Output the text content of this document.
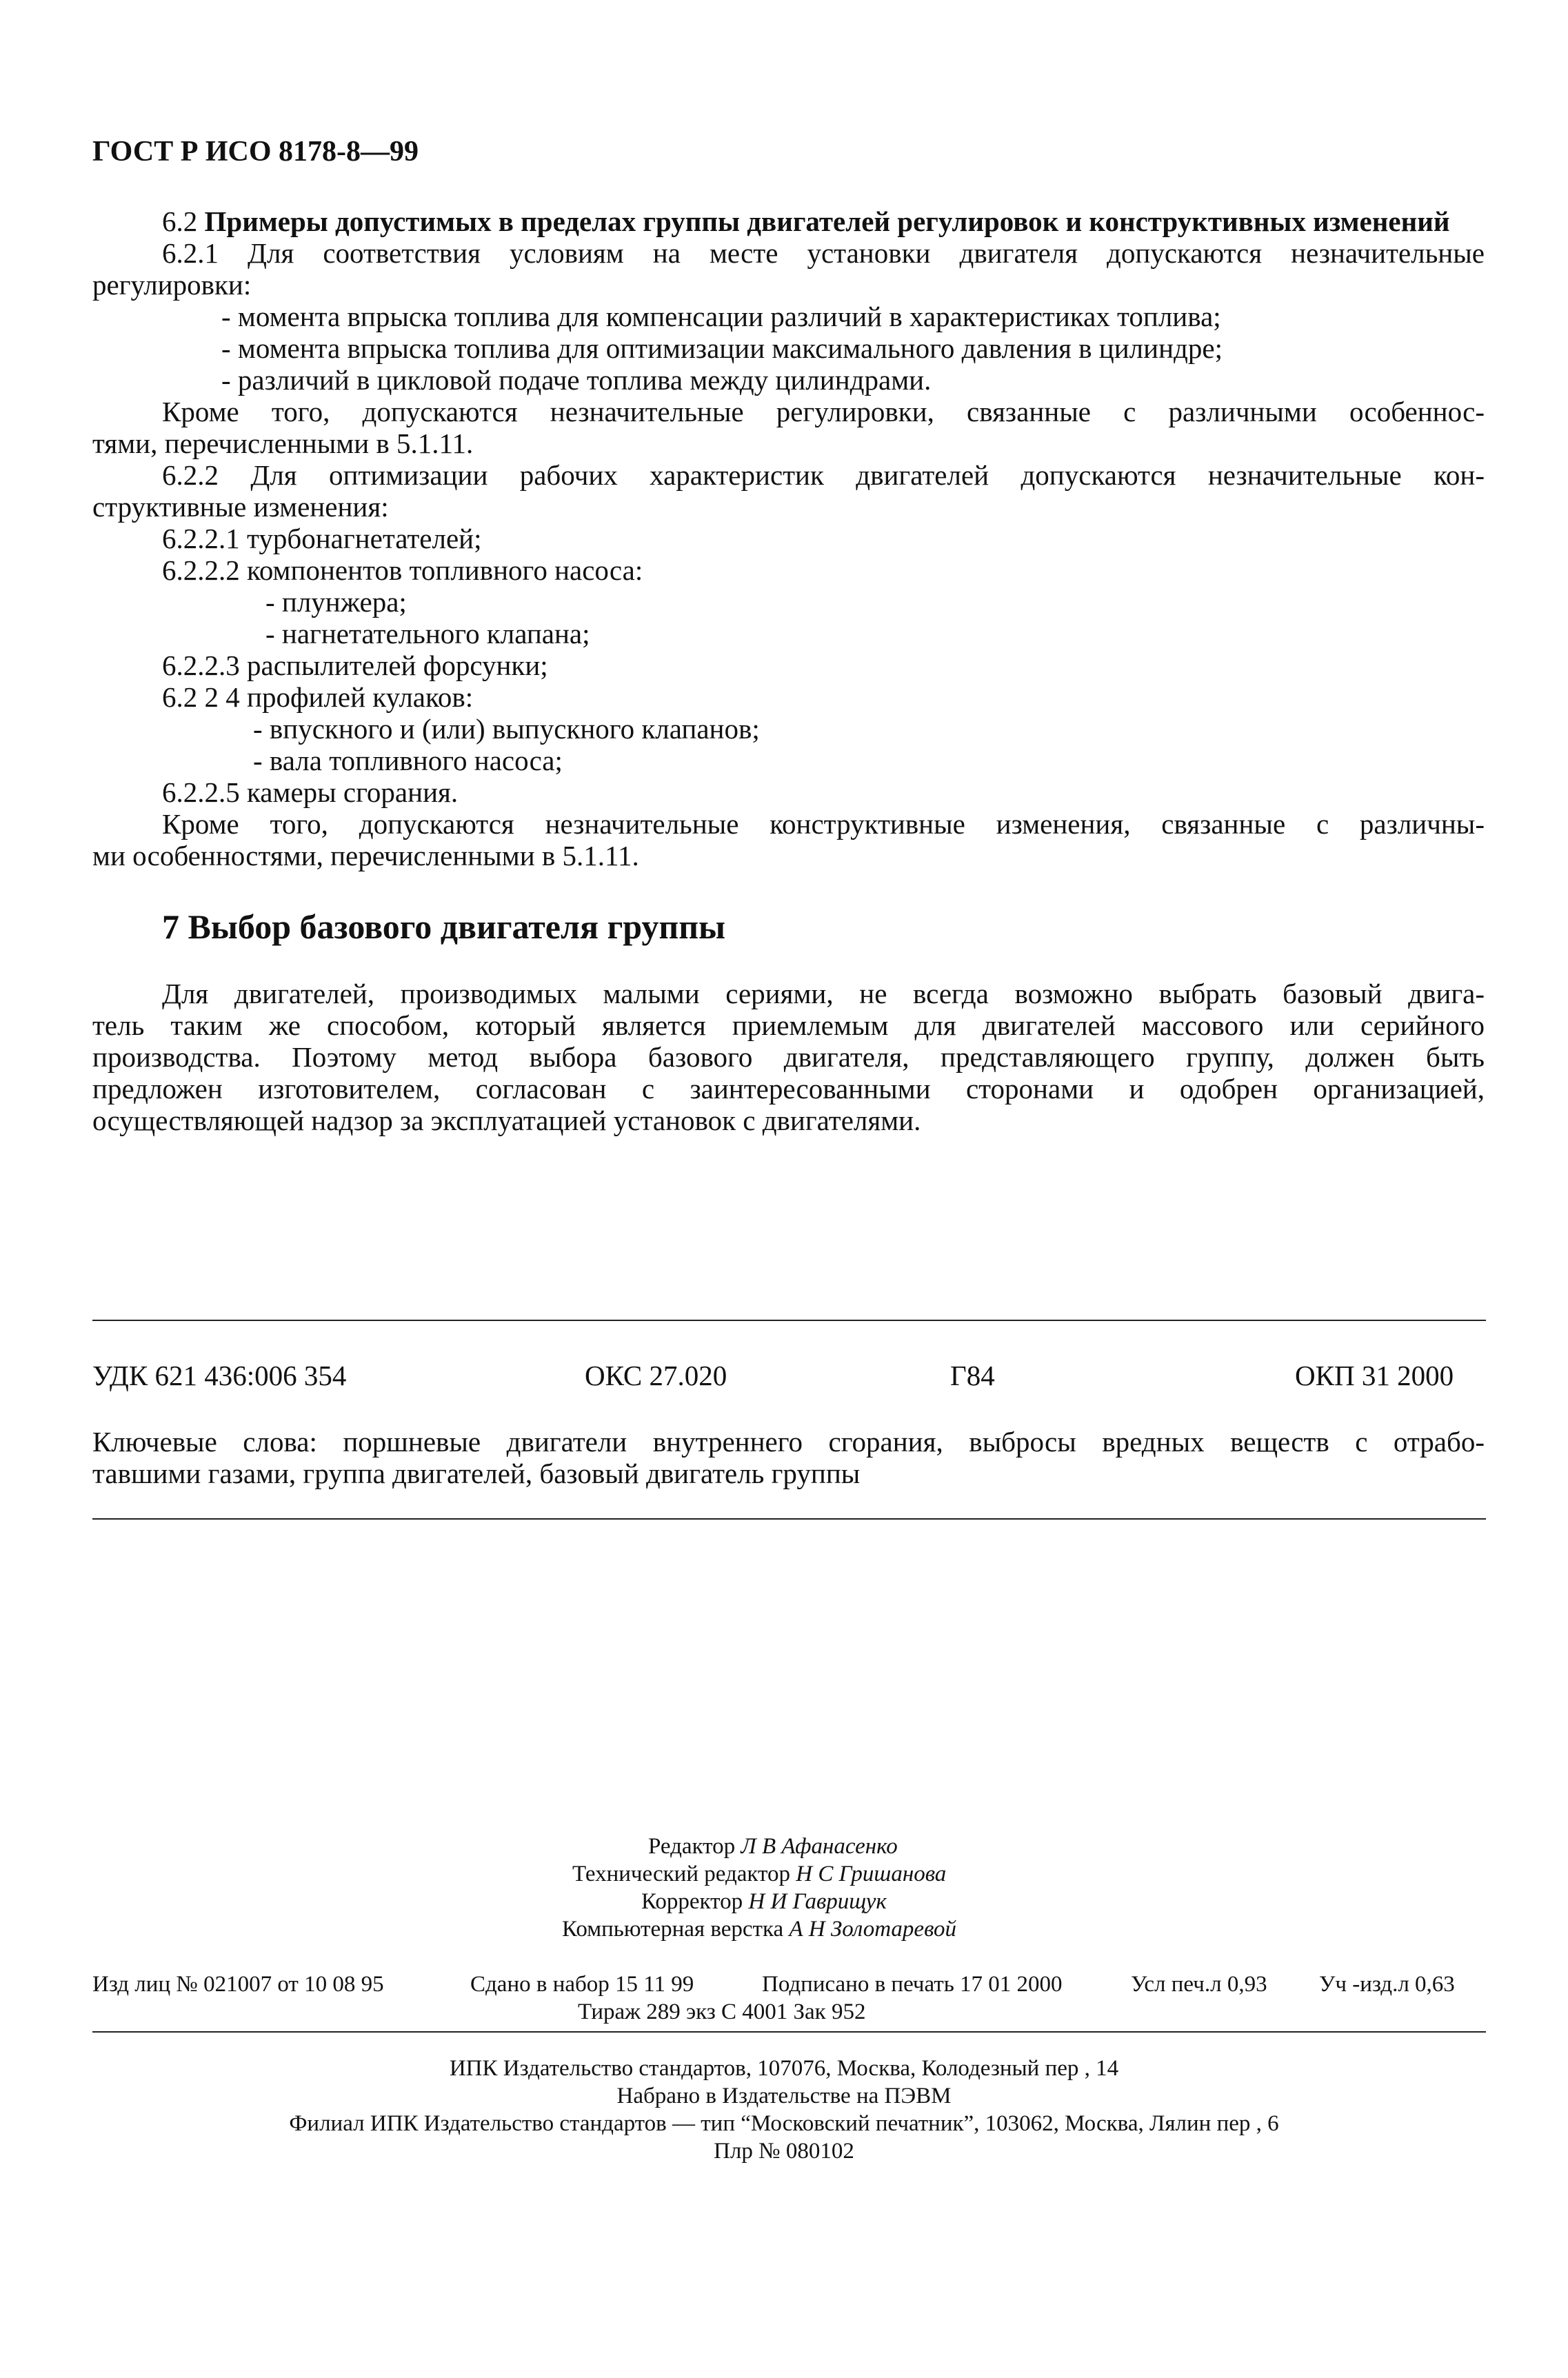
ГОСТ Р ИСО 8178-8—99
6.2 Примеры допустимых в пределах группы двигателей регулировок и конструктивных изменений
6.2.1 Для соответствия условиям на месте установки двигателя допускаются незначительные
регулировки:
- момента впрыска топлива для компенсации различий в характеристиках топлива;
- момента впрыска топлива для оптимизации максимального давления в цилиндре;
- различий в цикловой подаче топлива между цилиндрами.
Кроме того, допускаются незначительные регулировки, связанные с различными особеннос-
тями, перечисленными в 5.1.11.
6.2.2 Для оптимизации рабочих характеристик двигателей допускаются незначительные кон-
структивные изменения:
6.2.2.1 турбонагнетателей;
6.2.2.2 компонентов топливного насоса:
- плунжера;
- нагнетательного клапана;
6.2.2.3 распылителей форсунки;
6.2 2 4 профилей кулаков:
- впускного и (или) выпускного клапанов;
- вала топливного насоса;
6.2.2.5 камеры сгорания.
Кроме того, допускаются незначительные конструктивные изменения, связанные с различны-
ми особенностями, перечисленными в 5.1.11.
7 Выбор базового двигателя группы
Для двигателей, производимых малыми сериями, не всегда возможно выбрать базовый двига-
тель таким же способом, который является приемлемым для двигателей массового или серийного
производства. Поэтому метод выбора базового двигателя, представляющего группу, должен быть
предложен изготовителем, согласован с заинтересованными сторонами и одобрен организацией,
осуществляющей надзор за эксплуатацией установок с двигателями.
УДК 621 436:006 354	ОКС 27.020	Г84	ОКП 31 2000
Ключевые слова: поршневые двигатели внутреннего сгорания, выбросы вредных веществ с отрабо-
тавшими газами, группа двигателей, базовый двигатель группы
Редактор Л В Афанасенко
Технический редактор Н С Гришанова
Корректор Н И Гаврищук
Компьютерная верстка А Н Золотаревой
Изд лиц № 021007 от 10 08 95	Сдано в набор 15 11 99	Подписано в печать 17 01 2000	Усл печ.л 0,93 Уч -изд.л 0,63
Тираж 289 экз С 4001 Зак 952
ИПК Издательство стандартов, 107076, Москва, Колодезный пер , 14
Набрано в Издательстве на ПЭВМ
Филиал ИПК Издательство стандартов — тип “Московский печатник”, 103062, Москва, Лялин пер , 6
Плр № 080102
